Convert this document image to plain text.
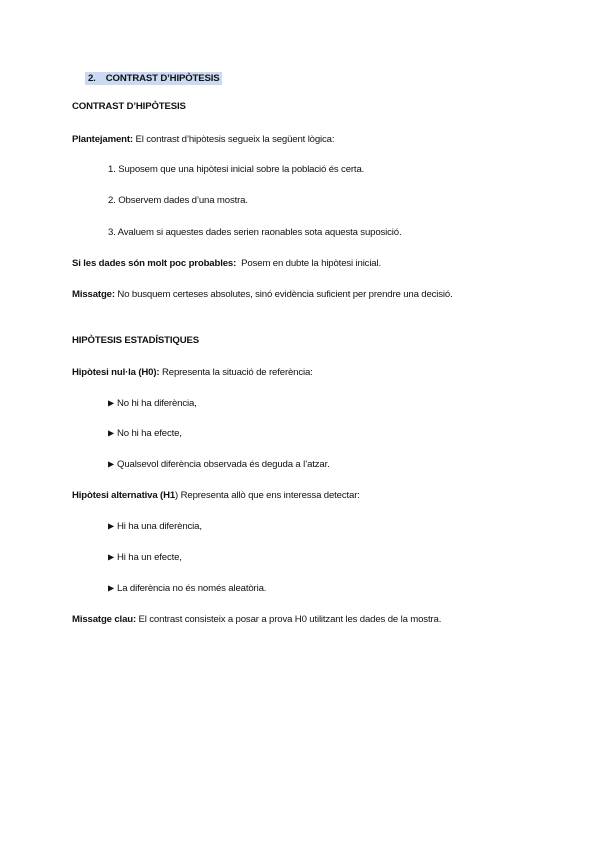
2. CONTRAST D’HIPÒTESIS
CONTRAST D’HIPÒTESIS
Plantejament: El contrast d’hipòtesis segueix la següent lògica:
1. Suposem que una hipòtesi inicial sobre la població és certa.
2. Observem dades d’una mostra.
3. Avaluem si aquestes dades serien raonables sota aquesta suposició.
Si les dades són molt poc probables: Posem en dubte la hipòtesi inicial.
Missatge: No busquem certeses absolutes, sinó evidència suficient per prendre una decisió.
HIPÒTESIS ESTADÍSTIQUES
Hipòtesi nul·la (H0): Representa la situació de referència:
▶ No hi ha diferència,
▶ No hi ha efecte,
▶ Qualsevol diferència observada és deguda a l’atzar.
Hipòtesi alternativa (H1) Representa allò que ens interessa detectar:
▶ Hi ha una diferència,
▶ Hi ha un efecte,
▶ La diferència no és només aleatòria.
Missatge clau: El contrast consisteix a posar a prova H0 utilitzant les dades de la mostra.
